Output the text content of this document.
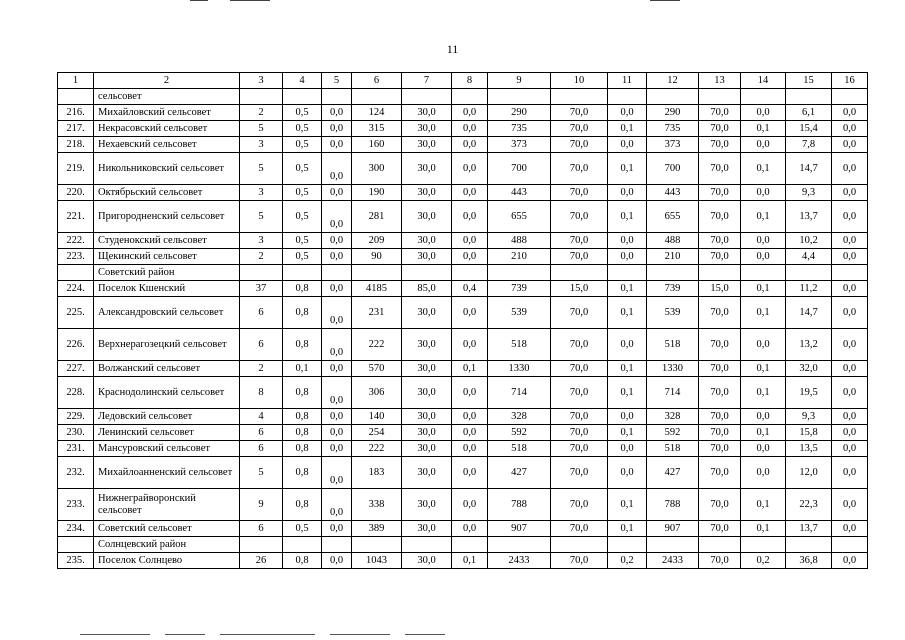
11
1	2	3	4	5	6	7	8	9	10	11	12	13	14	15	16
	сельсовет														
216.	Михайловский сельсовет	2	0,5	0,0	124	30,0	0,0	290	70,0	0,0	290	70,0	0,0	6,1	0,0
217.	Некрасовский сельсовет	5	0,5	0,0	315	30,0	0,0	735	70,0	0,1	735	70,0	0,1	15,4	0,0
218.	Нехаевский сельсовет	3	0,5	0,0	160	30,0	0,0	373	70,0	0,0	373	70,0	0,0	7,8	0,0
219.	Никольниковский сельсовет	5	0,5	0,0	300	30,0	0,0	700	70,0	0,1	700	70,0	0,1	14,7	0,0
220.	Октябрьский сельсовет	3	0,5	0,0	190	30,0	0,0	443	70,0	0,0	443	70,0	0,0	9,3	0,0
221.	Пригородненский сельсовет	5	0,5	0,0	281	30,0	0,0	655	70,0	0,1	655	70,0	0,1	13,7	0,0
222.	Студенокский сельсовет	3	0,5	0,0	209	30,0	0,0	488	70,0	0,0	488	70,0	0,0	10,2	0,0
223.	Щекинский сельсовет	2	0,5	0,0	90	30,0	0,0	210	70,0	0,0	210	70,0	0,0	4,4	0,0
	Советский район														
224.	Поселок Кшенский	37	0,8	0,0	4185	85,0	0,4	739	15,0	0,1	739	15,0	0,1	11,2	0,0
225.	Александровский сельсовет	6	0,8	0,0	231	30,0	0,0	539	70,0	0,1	539	70,0	0,1	14,7	0,0
226.	Верхнерагозецкий сельсовет	6	0,8	0,0	222	30,0	0,0	518	70,0	0,0	518	70,0	0,0	13,2	0,0
227.	Волжанский сельсовет	2	0,1	0,0	570	30,0	0,1	1330	70,0	0,1	1330	70,0	0,1	32,0	0,0
228.	Краснодолинский сельсовет	8	0,8	0,0	306	30,0	0,0	714	70,0	0,1	714	70,0	0,1	19,5	0,0
229.	Ледовский сельсовет	4	0,8	0,0	140	30,0	0,0	328	70,0	0,0	328	70,0	0,0	9,3	0,0
230.	Ленинский сельсовет	6	0,8	0,0	254	30,0	0,0	592	70,0	0,1	592	70,0	0,1	15,8	0,0
231.	Мансуровский сельсовет	6	0,8	0,0	222	30,0	0,0	518	70,0	0,0	518	70,0	0,0	13,5	0,0
232.	Михайлоанненский сельсовет	5	0,8	0,0	183	30,0	0,0	427	70,0	0,0	427	70,0	0,0	12,0	0,0
233.	Нижнеграйворонский сельсовет	9	0,8	0,0	338	30,0	0,0	788	70,0	0,1	788	70,0	0,1	22,3	0,0
234.	Советский сельсовет	6	0,5	0,0	389	30,0	0,0	907	70,0	0,1	907	70,0	0,1	13,7	0,0
	Солнцевский район														
235.	Поселок Солнцево	26	0,8	0,0	1043	30,0	0,1	2433	70,0	0,2	2433	70,0	0,2	36,8	0,0
